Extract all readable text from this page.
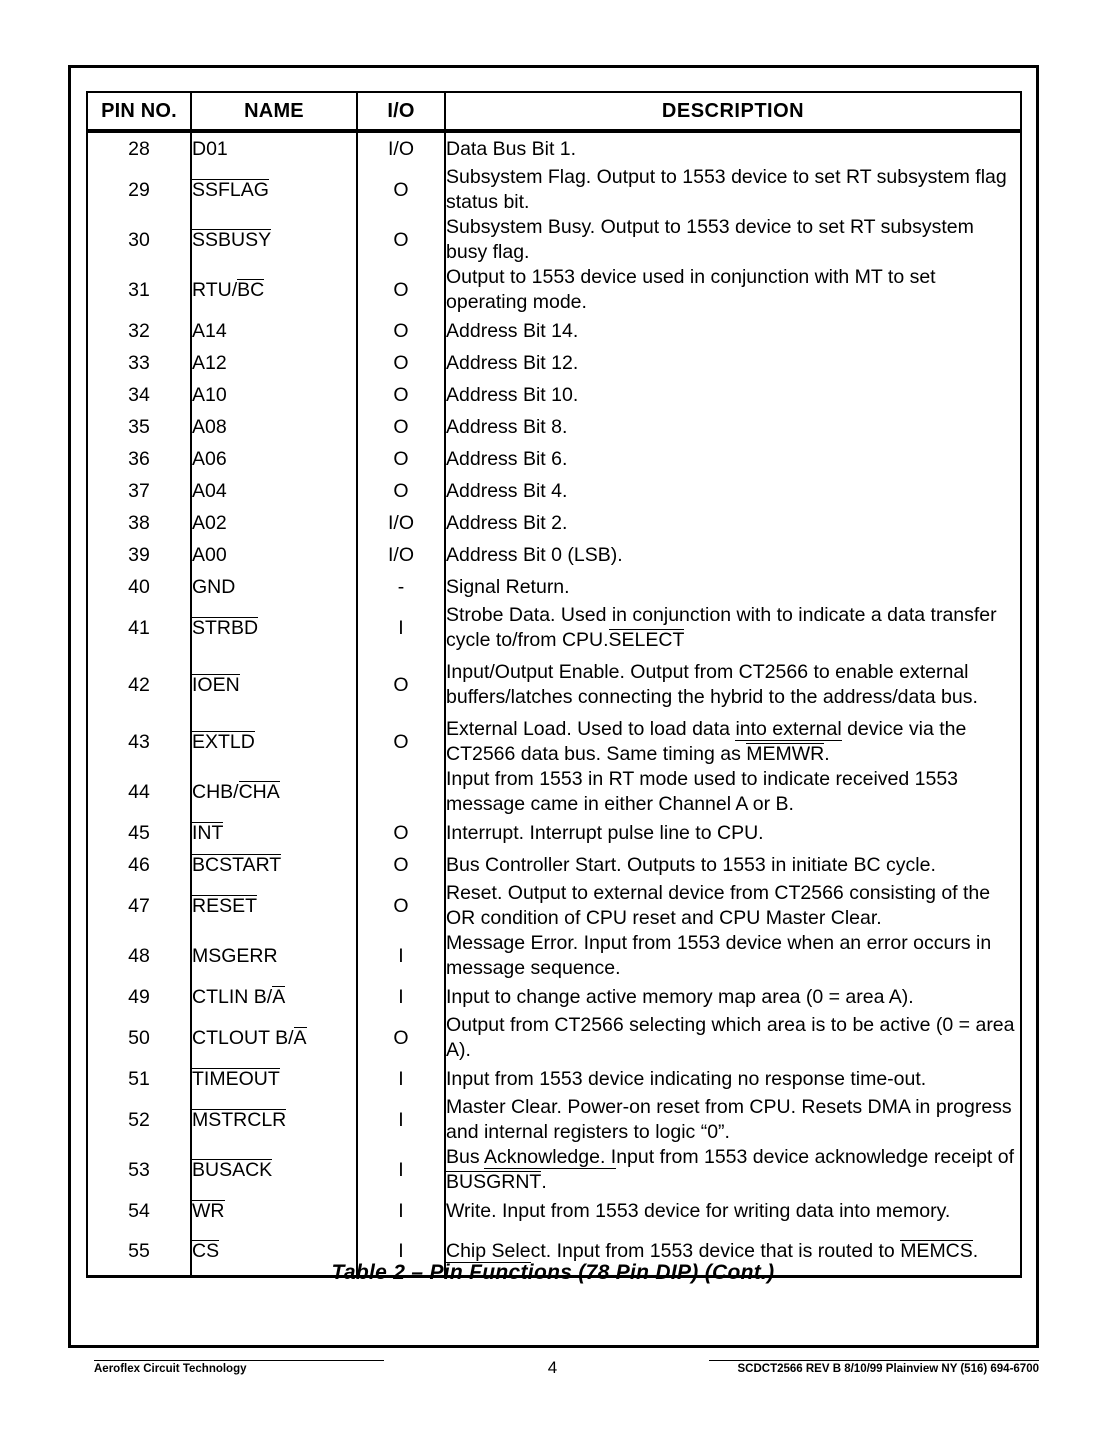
PIN NO.	NAME	I/O	DESCRIPTION
28	D01	I/O	Data Bus Bit 1.
29	SSFLAG	O	Subsystem Flag. Output to 1553 device to set RT subsystem flag status bit.
30	SSBUSY	O	Subsystem Busy. Output to 1553 device to set RT subsystem busy flag.
31	RTU/BC	O	Output to 1553 device used in conjunction with MT to set operating mode.
32	A14	O	Address Bit 14.
33	A12	O	Address Bit 12.
34	A10	O	Address Bit 10.
35	A08	O	Address Bit 8.
36	A06	O	Address Bit 6.
37	A04	O	Address Bit 4.
38	A02	I/O	Address Bit 2.
39	A00	I/O	Address Bit 0 (LSB).
40	GND	-	Signal Return.
41	STRBD	I	Strobe Data. Used in conjunction with to indicate a data transfer cycle to/from CPU.SELECT
42	IOEN	O	Input/Output Enable. Output from CT2566 to enable external buffers/latches connecting the hybrid to the address/data bus.
43	EXTLD	O	External Load. Used to load data into external device via the CT2566 data bus. Same timing as MEMWR.
44	CHB/CHA		Input from 1553 in RT mode used to indicate received 1553 message came in either Channel A or B.
45	INT	O	Interrupt. Interrupt pulse line to CPU.
46	BCSTART	O	Bus Controller Start. Outputs to 1553 in initiate BC cycle.
47	RESET	O	Reset. Output to external device from CT2566 consisting of the OR condition of CPU reset and CPU Master Clear.
48	MSGERR	I	Message Error. Input from 1553 device when an error occurs in message sequence.
49	CTLIN B/A	I	Input to change active memory map area (0 = area A).
50	CTLOUT B/A	O	Output from CT2566 selecting which area is to be active (0 = area A).
51	TIMEOUT	I	Input from 1553 device indicating no response time-out.
52	MSTRCLR	I	Master Clear. Power-on reset from CPU. Resets DMA in progress and internal registers to logic “0”.
53	BUSACK	I	Bus Acknowledge. Input from 1553 device acknowledge receipt of BUSGRNT.
54	WR	I	Write. Input from 1553 device for writing data into memory.
55	CS	I	Chip Select. Input from 1553 device that is routed to MEMCS.
Table 2 – Pin Functions (78 Pin DIP) (Cont.)
Aeroflex Circuit Technology	4	SCDCT2566 REV B 8/10/99 Plainview NY (516) 694-6700
